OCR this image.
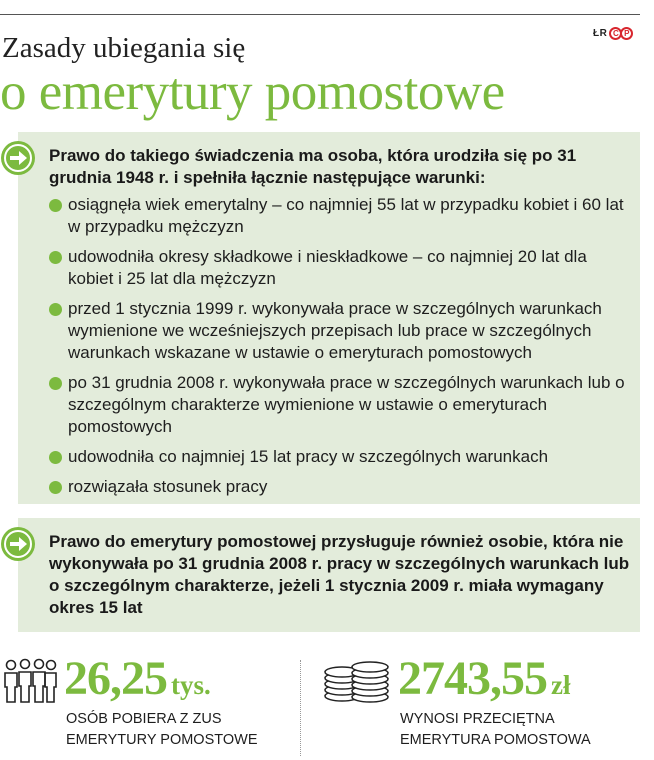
ŁR C P
Zasady ubiegania się
o emerytury pomostowe
Prawo do takiego świadczenia ma osoba, która urodziła się po 31 grudnia 1948 r. i spełniła łącznie następujące warunki:
osiągnęła wiek emerytalny – co najmniej 55 lat w przypadku kobiet i 60 lat w przypadku mężczyzn
udowodniła okresy składkowe i nieskładkowe – co najmniej 20 lat dla kobiet i 25 lat dla mężczyzn
przed 1 stycznia 1999 r. wykonywała prace w szczególnych warunkach wymienione we wcześniejszych przepisach lub prace w szczególnych warunkach wskazane w ustawie o emeryturach pomostowych
po 31 grudnia 2008 r. wykonywała prace w szczególnych warunkach lub o szczególnym charakterze wymienione w ustawie o emeryturach pomostowych
udowodniła co najmniej 15 lat pracy w szczególnych warunkach
rozwiązała stosunek pracy
Prawo do emerytury pomostowej przysługuje również osobie, która nie wykonywała po 31 grudnia 2008 r. pracy w szczególnych warunkach lub o szczególnym charakterze, jeżeli 1 stycznia 2009 r. miała wymagany okres 15 lat
26,25 tys.
OSÓB POBIERA Z ZUS
EMERYTURY POMOSTOWE
2743,55 zł
WYNOSI PRZECIĘTNA
EMERYTURA POMOSTOWA
